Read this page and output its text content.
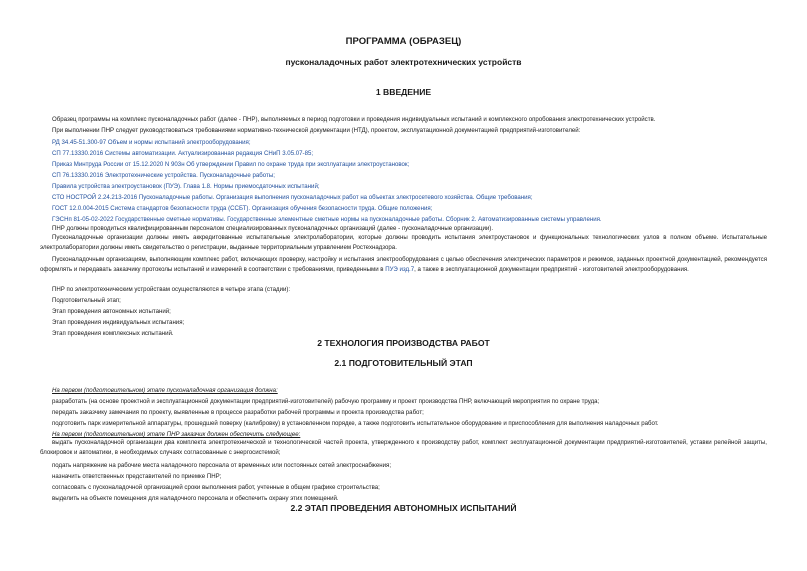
ПРОГРАММА (ОБРАЗЕЦ)
пусконаладочных работ электротехнических устройств
1 ВВЕДЕНИЕ
Образец программы на комплекс пусконаладочных работ (далее - ПНР), выполняемых в период подготовки и проведения индивидуальных испытаний и комплексного опробования электротехнических устройств.
При выполнении ПНР следует руководствоваться требованиями нормативно-технической документации (НТД), проектом, эксплуатационной документацией предприятий-изготовителей:
РД 34.45-51.300-97 Объем и нормы испытаний электрооборудования;
СП 77.13330.2016 Системы автоматизации. Актуализированная редакция СНиП 3.05.07-85;
Приказ Минтруда России от 15.12.2020 N 903н Об утверждении Правил по охране труда при эксплуатации электроустановок;
СП 76.13330.2016 Электротехнические устройства. Пусконаладочные работы;
Правила устройства электроустановок (ПУЭ). Глава 1.8. Нормы приемосдаточных испытаний;
СТО НОСТРОЙ 2.24.213-2016 Пусконаладочные работы. Организация выполнения пусконаладочных работ на объектах электросетевого хозяйства. Общие требования;
ГОСТ 12.0.004-2015 Система стандартов безопасности труда (ССБТ). Организация обучения безопасности труда. Общие положения;
ГЭСНп 81-05-02-2022 Государственные сметные нормативы. Государственные элементные сметные нормы на пусконаладочные работы. Сборник 2. Автоматизированные системы управления.
ПНР должны проводиться квалифицированным персоналом специализированных пусконаладочных организаций (далее - пусконаладочные организации).
Пусконаладочные организации должны иметь аккредитованные испытательные электролаборатории, которые должны проводить испытания электроустановок и функциональных технологических узлов в полном объеме. Испытательные электролаборатории должны иметь свидетельство о регистрации, выданные территориальным управлением Ростехнадзора.
Пусконаладочным организациям, выполняющим комплекс работ, включающих проверку, настройку и испытания электрооборудования с целью обеспечения электрических параметров и режимов, заданных проектной документацией, рекомендуется оформлять и передавать заказчику протоколы испытаний и измерений в соответствии с требованиями, приведенными в ПУЭ изд.7, а также в эксплуатационной документации предприятий - изготовителей электрооборудования.
ПНР по электротехническим устройствам осуществляются в четыре этапа (стадии):
Подготовительный этап;
Этап проведения автономных испытаний;
Этап проведения индивидуальных испытания;
Этап проведения комплексных испытаний.
2 ТЕХНОЛОГИЯ ПРОИЗВОДСТВА РАБОТ
2.1 ПОДГОТОВИТЕЛЬНЫЙ ЭТАП
На первом (подготовительном) этапе пусконаладочная организация должна:
разработать (на основе проектной и эксплуатационной документации предприятий-изготовителей) рабочую программу и проект производства ПНР, включающий мероприятия по охране труда;
передать заказчику замечания по проекту, выявленные в процессе разработки рабочей программы и проекта производства работ;
подготовить парк измерительной аппаратуры, прошедшей поверку (калибровку) в установленном порядке, а также подготовить испытательное оборудование и приспособления для выполнения наладочных работ.
На первом (подготовительном) этапе ПНР заказчик должен обеспечить следующее:
выдать пусконаладочной организации два комплекта электротехнической и технологической частей проекта, утвержденного к производству работ, комплект эксплуатационной документации предприятий-изготовителей, уставки релейной защиты, блокировок и автоматики, в необходимых случаях согласованные с энергосистемой;
подать напряжение на рабочие места наладочного персонала от временных или постоянных сетей электроснабжения;
назначить ответственных представителей по приемке ПНР;
согласовать с пусконаладочной организацией сроки выполнения работ, учтенные в общем графике строительства;
выделить на объекте помещения для наладочного персонала и обеспечить охрану этих помещений.
2.2 ЭТАП ПРОВЕДЕНИЯ АВТОНОМНЫХ ИСПЫТАНИЙ
